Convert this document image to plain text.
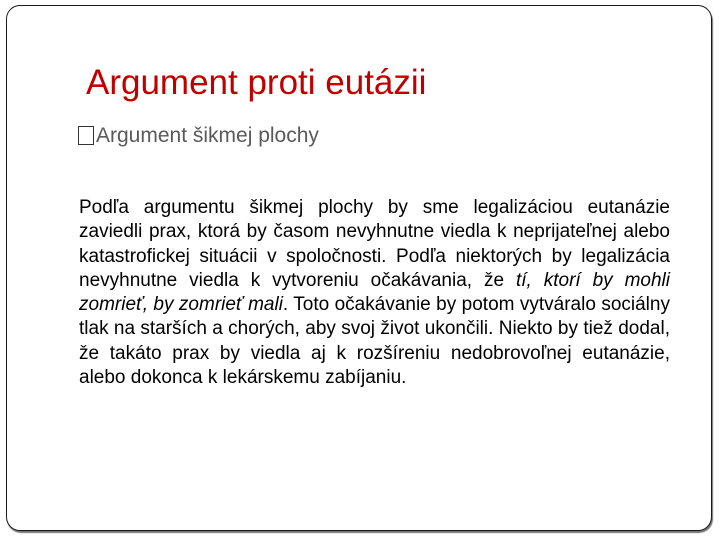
Argument proti eutázii
Argument šikmej plochy

Podľa argumentu šikmej plochy by sme legalizáciou eutanázie zaviedli prax, ktorá by časom nevyhnutne viedla k neprijateľnej alebo katastrofickej situácii v spoločnosti. Podľa niektorých by legalizácia nevyhnutne viedla k vytvoreniu očakávania, že tí, ktorí by mohli zomrieť, by zomrieť mali. Toto očakávanie by potom vytváralo sociálny tlak na starších a chorých, aby svoj život ukončili. Niekto by tiež dodal, že takáto prax by viedla aj k rozšíreniu nedobrovoľnej eutanázie, alebo dokonca k lekárskemu zabíjaniu.
